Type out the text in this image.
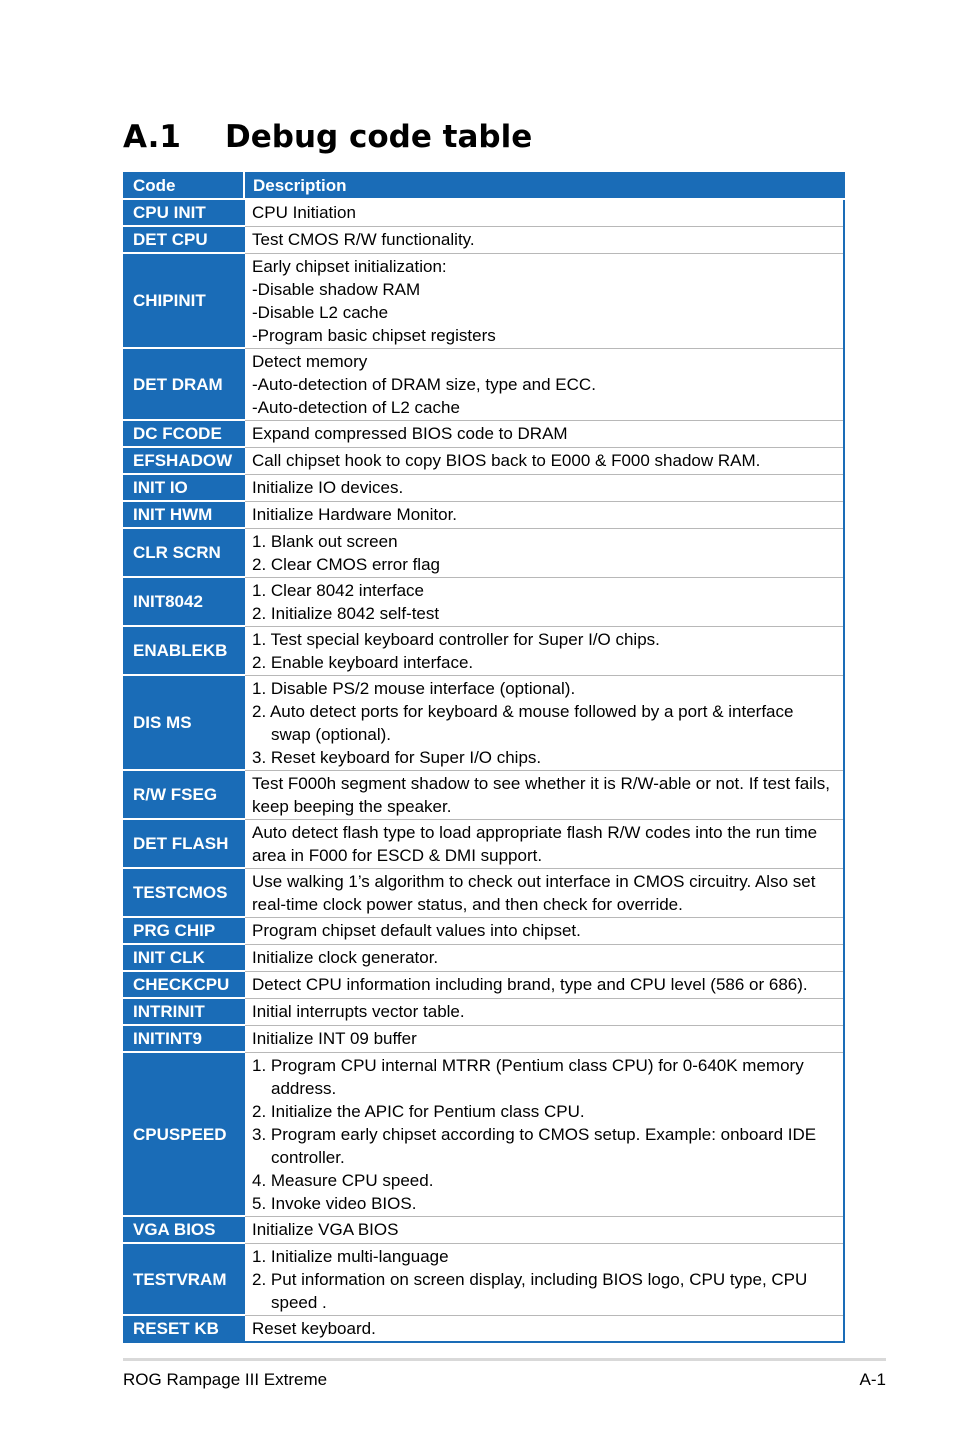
A.1 Debug code table
Code	Description
CPU INIT	CPU Initiation

DET CPU	Test CMOS R/W functionality.

CHIPINIT	Early chipset initialization:
-Disable shadow RAM
-Disable L2 cache
-Program basic chipset registers

DET DRAM	Detect memory
-Auto-detection of DRAM size, type and ECC.
-Auto-detection of L2 cache

DC FCODE	Expand compressed BIOS code to DRAM

EFSHADOW	Call chipset hook to copy BIOS back to E000 & F000 shadow RAM.

INIT IO	Initialize IO devices.

INIT HWM	Initialize Hardware Monitor.

CLR SCRN	1. Blank out screen
2. Clear CMOS error flag

INIT8042	1. Clear 8042 interface
2. Initialize 8042 self-test

ENABLEKB	1. Test special keyboard controller for Super I/O chips.
2. Enable keyboard interface.

DIS MS	1. Disable PS/2 mouse interface (optional).
2. Auto detect ports for keyboard & mouse followed by a port & interface swap (optional).
3. Reset keyboard for Super I/O chips.

R/W FSEG	Test F000h segment shadow to see whether it is R/W-able or not. If test fails, keep beeping the speaker.

DET FLASH	Auto detect flash type to load appropriate flash R/W codes into the run time area in F000 for ESCD & DMI support.

TESTCMOS	Use walking 1’s algorithm to check out interface in CMOS circuitry. Also set real-time clock power status, and then check for override.

PRG CHIP	Program chipset default values into chipset.

INIT CLK	Initialize clock generator.

CHECKCPU	Detect CPU information including brand, type and CPU level (586 or 686).

INTRINIT	Initial interrupts vector table.

INITINT9	Initialize INT 09 buffer

CPUSPEED	1. Program CPU internal MTRR (Pentium class CPU) for 0-640K memory address.
2. Initialize the APIC for Pentium class CPU.
3. Program early chipset according to CMOS setup. Example: onboard IDE controller.
4. Measure CPU speed.
5. Invoke video BIOS.

VGA BIOS	Initialize VGA BIOS

TESTVRAM	1. Initialize multi-language
2. Put information on screen display, including BIOS logo, CPU type, CPU speed .

RESET KB	Reset keyboard.
ROG Rampage III Extreme	A-1
